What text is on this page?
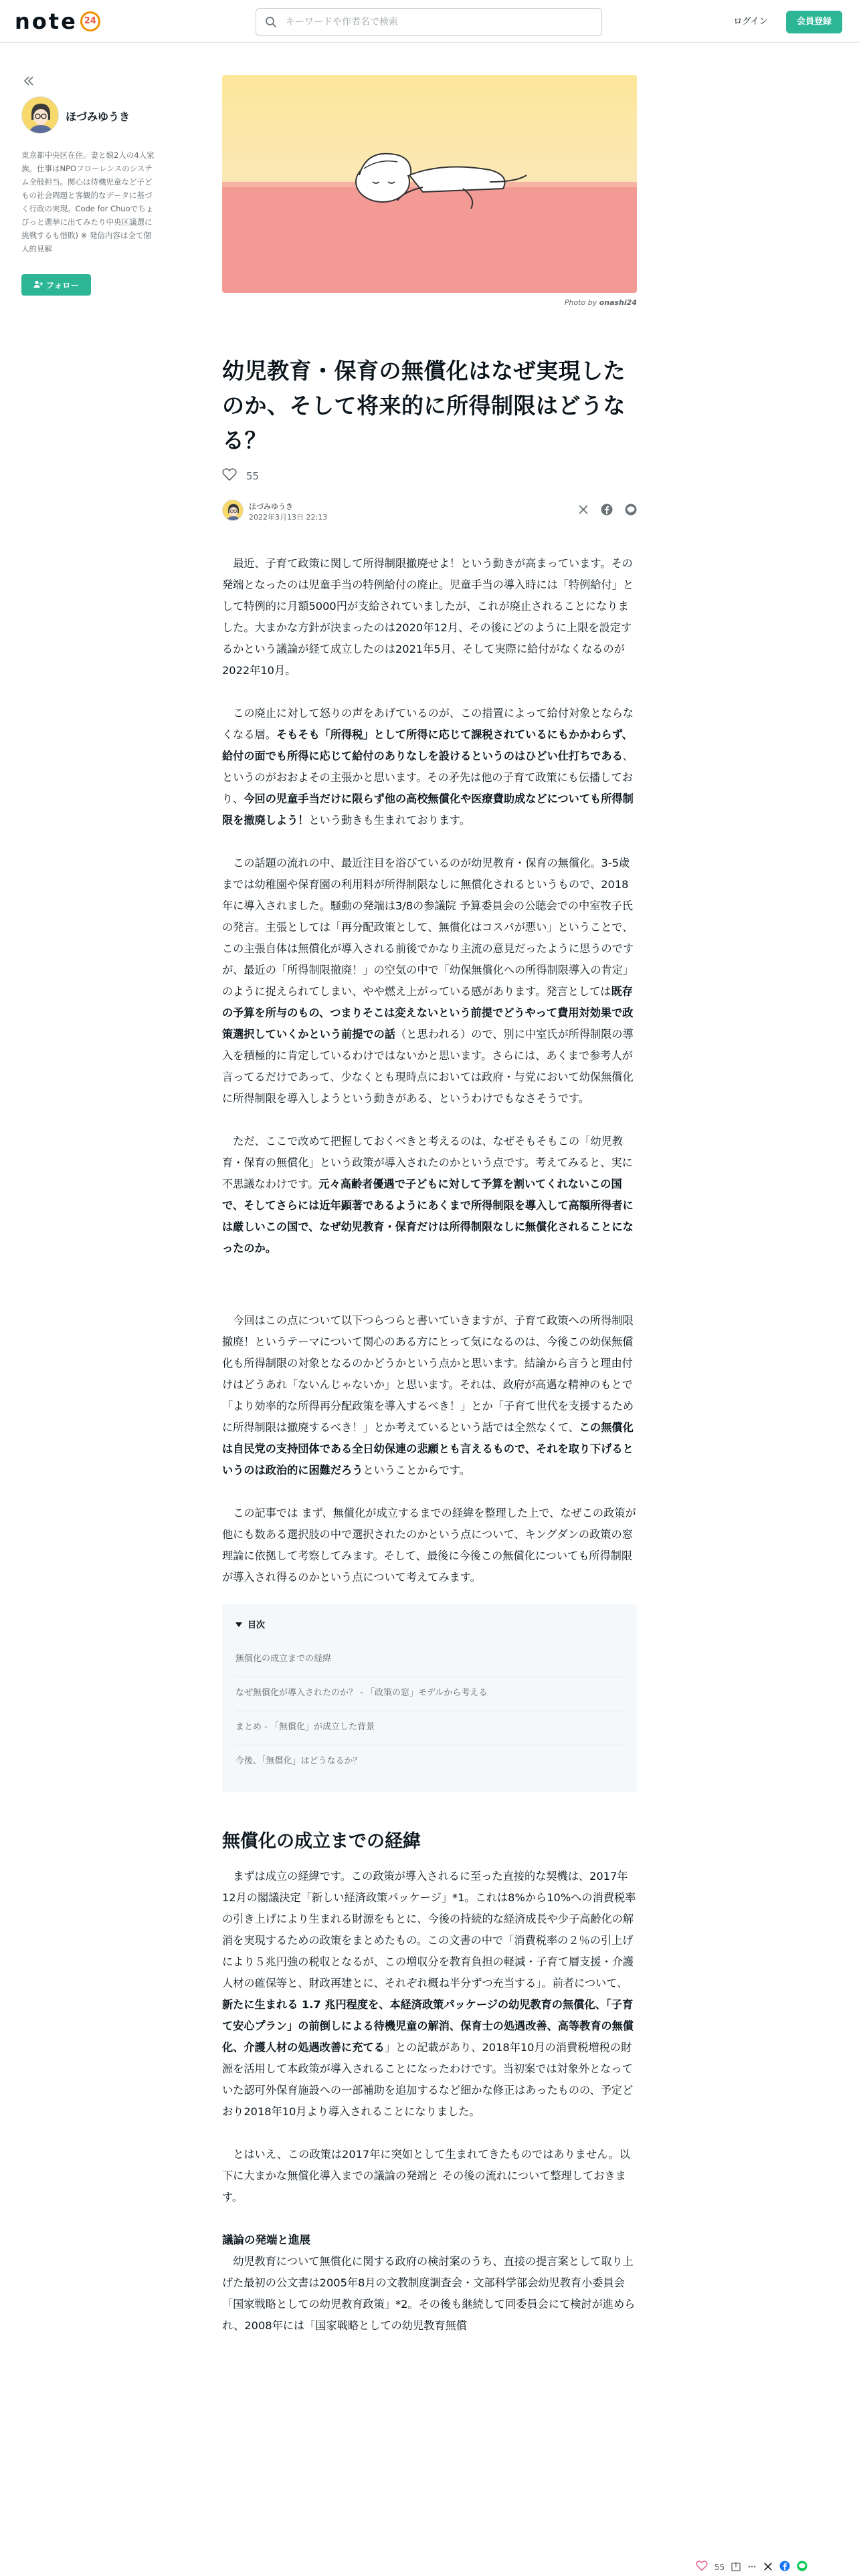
note 24
キーワードや作者名で検索	ログイン	会員登録
ほづみゆうき
東京都中央区在住。妻と娘2人の4人家族。仕事はNPOフローレンスのシステム全般担当。関心は待機児童など子どもの社会問題と客観的なデータに基づく行政の実現。Code for Chuoでちょびっと選挙に出てみたり中央区議選に挑戦するも惜敗) ※ 発信内容は全て個人的見解
フォロー
Photo by onashi24
幼児教育・保育の無償化はなぜ実現したのか、そして将来的に所得制限はどうなる？
55
ほづみゆうき
2022年3月13日 22:13

最近、子育て政策に関して所得制限撤廃せよ！という動きが高まっています。その発端となったのは児童手当の特例給付の廃止。児童手当の導入時には「特例給付」として特例的に月額5000円が支給されていましたが、これが廃止されることになりました。大まかな方針が決まったのは2020年12月、その後にどのように上限を設定するかという議論が経て成立したのは2021年5月、そして実際に給付がなくなるのが2022年10月。

この廃止に対して怒りの声をあげているのが、この措置によって給付対象とならなくなる層。そもそも「所得税」として所得に応じて課税されているにもかかわらず、給付の面でも所得に応じて給付のありなしを設けるというのはひどい仕打ちである、というのがおおよその主張かと思います。その矛先は他の子育て政策にも伝播しており、今回の児童手当だけに限らず他の高校無償化や医療費助成などについても所得制限を撤廃しよう！という動きも生まれております。

この話題の流れの中、最近注目を浴びているのが幼児教育・保育の無償化。3-5歳までは幼稚園や保育園の利用料が所得制限なしに無償化されるというもので、2018年に導入されました。騒動の発端は3/8の参議院 予算委員会の公聴会での中室牧子氏の発言。主張としては「再分配政策として、無償化はコスパが悪い」ということで、この主張自体は無償化が導入される前後でかなり主流の意見だったように思うのですが、最近の「所得制限撤廃！」の空気の中で「幼保無償化への所得制限導入の肯定」のように捉えられてしまい、やや燃え上がっている感があります。発言としては既存の予算を所与のもの、つまりそこは変えないという前提でどうやって費用対効果で政策選択していくかという前提での話（と思われる）ので、別に中室氏が所得制限の導入を積極的に肯定しているわけではないかと思います。さらには、あくまで参考人が言ってるだけであって、少なくとも現時点においては政府・与党において幼保無償化に所得制限を導入しようという動きがある、というわけでもなさそうです。

ただ、ここで改めて把握しておくべきと考えるのは、なぜそもそもこの「幼児教育・保育の無償化」という政策が導入されたのかという点です。考えてみると、実に不思議なわけです。元々高齢者優遇で子どもに対して予算を割いてくれないこの国で、そしてさらには近年顕著であるようにあくまで所得制限を導入して高額所得者には厳しいこの国で、なぜ幼児教育・保育だけは所得制限なしに無償化されることになったのか。

今回はこの点について以下つらつらと書いていきますが、子育て政策への所得制限撤廃！というテーマについて関心のある方にとって気になるのは、今後この幼保無償化も所得制限の対象となるのかどうかという点かと思います。結論から言うと理由付けはどうあれ「ないんじゃないか」と思います。それは、政府が高邁な精神のもとで「より効率的な所得再分配政策を導入するべき！」とか「子育て世代を支援するために所得制限は撤廃するべき！」とか考えているという話では全然なくて、この無償化は自民党の支持団体である全日幼保連の悲願とも言えるもので、それを取り下げるというのは政治的に困難だろうということからです。

この記事では まず、無償化が成立するまでの経緯を整理した上で、なぜこの政策が他にも数ある選択肢の中で選択されたのかという点について、キングダンの政策の窓理論に依拠して考察してみます。そして、最後に今後この無償化についても所得制限が導入され得るのかという点について考えてみます。

目次
無償化の成立までの経緯
なぜ無償化が導入されたのか？ - 「政策の窓」モデルから考える
まとめ - 「無償化」が成立した背景
今後、「無償化」はどうなるか？
無償化の成立までの経緯

まずは成立の経緯です。この政策が導入されるに至った直接的な契機は、2017年12月の閣議決定「新しい経済政策パッケージ」*1。これは8%から10%への消費税率の引き上げにより生まれる財源をもとに、今後の持続的な経済成長や少子高齢化の解消を実現するための政策をまとめたもの。この文書の中で「消費税率の２％の引上げにより５兆円強の税収となるが、この増収分を教育負担の軽減・子育て層支援・介護人材の確保等と、財政再建とに、それぞれ概ね半分ずつ充当する」。前者について、新たに生まれる 1.7 兆円程度を、本経済政策パッケージの幼児教育の無償化、「子育て安心プラン」の前倒しによる待機児童の解消、保育士の処遇改善、高等教育の無償化、介護人材の処遇改善に充てる」との記載があり、2018年10月の消費税増税の財源を活用して本政策が導入されることになったわけです。当初案では対象外となっていた認可外保育施設への一部補助を追加するなど細かな修正はあったものの、予定どおり2018年10月より導入されることになりました。

とはいえ、この政策は2017年に突如として生まれてきたものではありません。以下に大まかな無償化導入までの議論の発端と その後の流れについて整理しておきます。

議論の発端と進展

幼児教育について無償化に関する政府の検討案のうち、直接の提言案として取り上げた最初の公文書は2005年8月の文教制度調査会・文部科学部会幼児教育小委員会「国家戦略としての幼児教育政策」*2。その後も継続して同委員会にて検討が進められ、2008年には「国家戦略としての幼児教育無償

55
